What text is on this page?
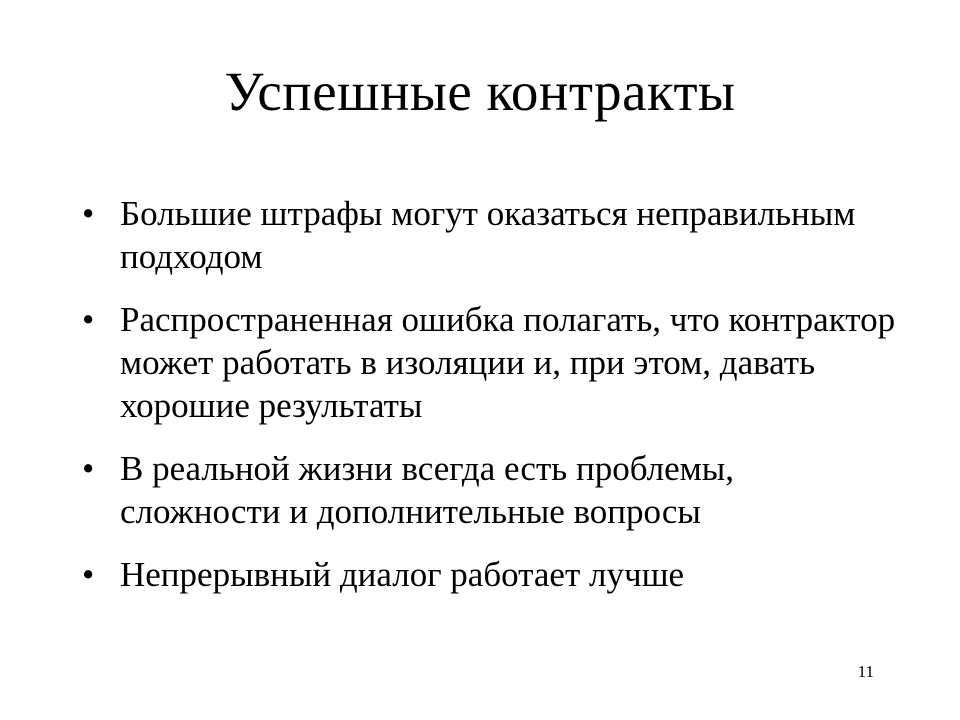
Успешные контракты
• Большие штрафы могут оказаться неправильным подходом
• Распространенная ошибка полагать, что контрактор может работать в изоляции и, при этом, давать хорошие результаты
• В реальной жизни всегда есть проблемы, сложности и дополнительные вопросы
• Непрерывный диалог работает лучше
11
